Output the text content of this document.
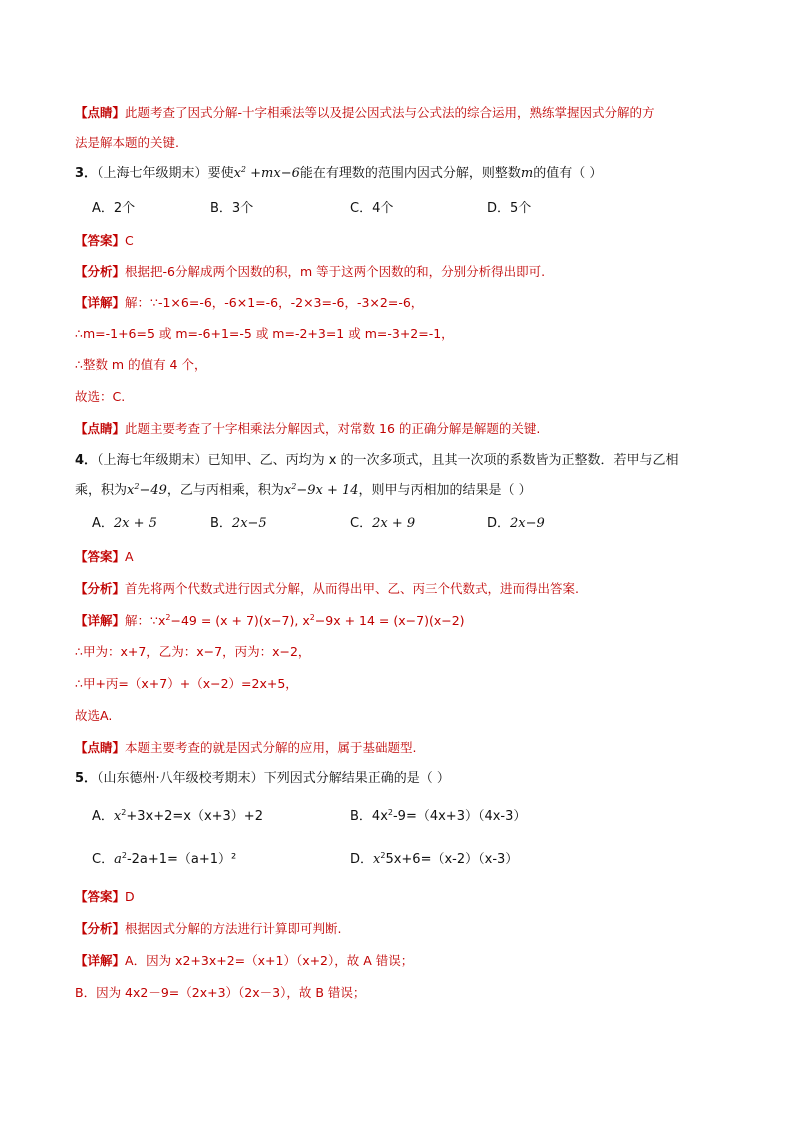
【点睛】此题考查了因式分解-十字相乘法等以及提公因式法与公式法的综合运用，熟练掌握因式分解的方
法是解本题的关键.
3．（上海七年级期末）要使$x^2 +mx-6$能在有理数的范围内因式分解，则整数m的值有（ ）
A．2个	B．3个	C．4个	D．5个
【答案】C
【分析】根据把-6分解成两个因数的积，m 等于这两个因数的和，分别分析得出即可.
【详解】解：∵-1×6=-6，-6×1=-6，-2×3=-6，-3×2=-6，
∴m=-1+6=5 或 m=-6+1=-5 或 m=-2+3=1 或 m=-3+2=-1，
∴整数 m 的值有 4 个，
故选：C.
【点睛】此题主要考查了十字相乘法分解因式，对常数 16 的正确分解是解题的关键.
4．（上海七年级期末）已知甲、乙、丙均为 x 的一次多项式，且其一次项的系数皆为正整数．若甲与乙相
乘，积为$x^2-49$，乙与丙相乘，积为$x^2-9x + 14$，则甲与丙相加的结果是（ ）
A．2x + 5	B．2x−5	C．2x + 9	D．2x−9
【答案】A
【分析】首先将两个代数式进行因式分解，从而得出甲、乙、丙三个代数式，进而得出答案.
【详解】解：$\because x^2-49 = (x + 7)(x-7)$, $x^2-9x + 14 = (x-7)(x-2)$
∴甲为：x+7，乙为：x−7，丙为：x−2，
∴甲+丙=（x+7）+（x−2）=2x+5，
故选A.
【点睛】本题主要考查的就是因式分解的应用，属于基础题型.
5．（山东德州·八年级校考期末）下列因式分解结果正确的是（ ）
A．$x^2+3x+2=x(x+3)+2$	B．$4x^2-9=(4x+3)(4x-3)$
C．$a^2-2a+1=(a+1)^2$	D．$x^25x+6=(x-2)(x-3)$
【答案】D
【分析】根据因式分解的方法进行计算即可判断.
【详解】A．因为 x2+3x+2=（x+1）（x+2），故 A 错误；
B．因为 4x2－9=（2x+3）（2x－3），故 B 错误；
